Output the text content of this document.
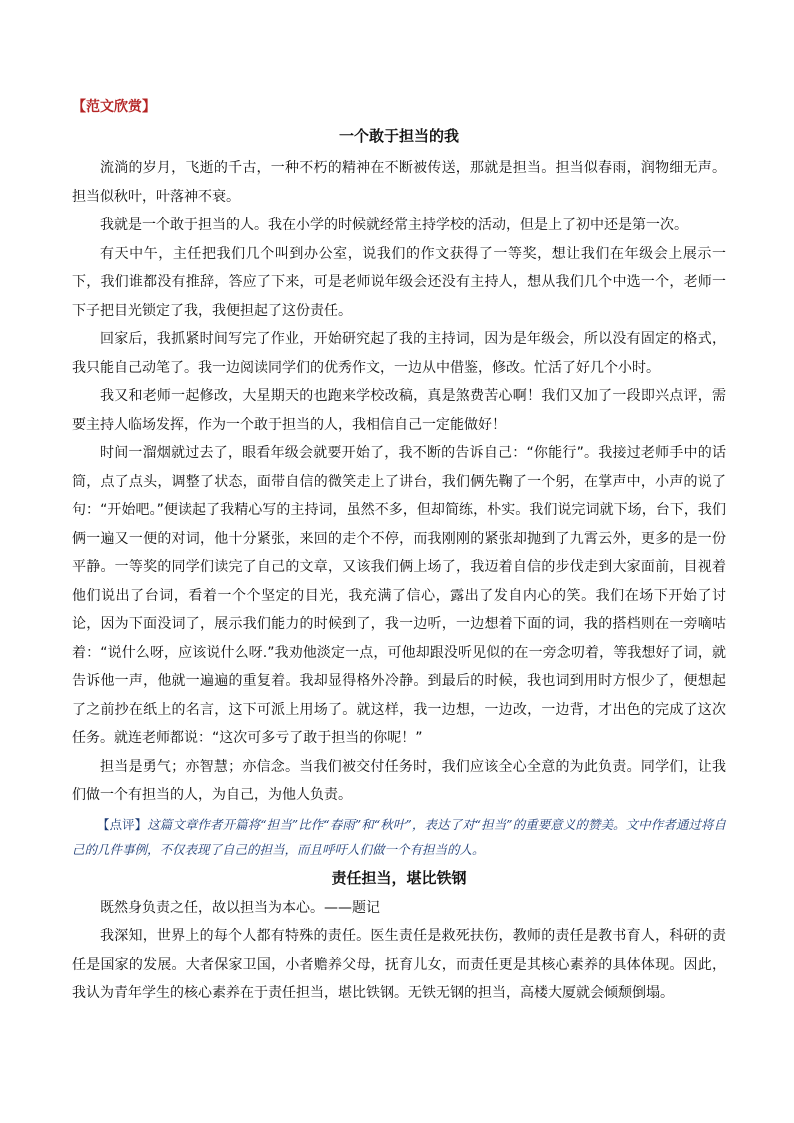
【范文欣赏】
一个敢于担当的我

流淌的岁月，飞逝的千古，一种不朽的精神在不断被传送，那就是担当。担当似春雨，润物细无声。担当似秋叶，叶落神不衰。

我就是一个敢于担当的人。我在小学的时候就经常主持学校的活动，但是上了初中还是第一次。

有天中午，主任把我们几个叫到办公室，说我们的作文获得了一等奖，想让我们在年级会上展示一下，我们谁都没有推辞，答应了下来，可是老师说年级会还没有主持人，想从我们几个中选一个，老师一下子把目光锁定了我，我便担起了这份责任。

回家后，我抓紧时间写完了作业，开始研究起了我的主持词，因为是年级会，所以没有固定的格式，我只能自己动笔了。我一边阅读同学们的优秀作文，一边从中借鉴，修改。忙活了好几个小时。

我又和老师一起修改，大星期天的也跑来学校改稿，真是煞费苦心啊！我们又加了一段即兴点评，需要主持人临场发挥，作为一个敢于担当的人，我相信自己一定能做好！

时间一溜烟就过去了，眼看年级会就要开始了，我不断的告诉自己：“你能行”。我接过老师手中的话筒，点了点头，调整了状态，面带自信的微笑走上了讲台，我们俩先鞠了一个躬，在掌声中，小声的说了句：“开始吧。”便读起了我精心写的主持词，虽然不多，但却简练，朴实。我们说完词就下场，台下，我们俩一遍又一便的对词，他十分紧张，来回的走个不停，而我刚刚的紧张却抛到了九霄云外，更多的是一份平静。一等奖的同学们读完了自己的文章，又该我们俩上场了，我迈着自信的步伐走到大家面前，目视着他们说出了台词，看着一个个坚定的目光，我充满了信心，露出了发自内心的笑。我们在场下开始了讨论，因为下面没词了，展示我们能力的时候到了，我一边听，一边想着下面的词，我的搭档则在一旁嘀咕着：“说什么呀，应该说什么呀.”我劝他淡定一点，可他却跟没听见似的在一旁念叨着，等我想好了词，就告诉他一声，他就一遍遍的重复着。我却显得格外冷静。到最后的时候，我也词到用时方恨少了，便想起了之前抄在纸上的名言，这下可派上用场了。就这样，我一边想，一边改，一边背，才出色的完成了这次任务。就连老师都说：“这次可多亏了敢于担当的你呢！”

担当是勇气；亦智慧；亦信念。当我们被交付任务时，我们应该全心全意的为此负责。同学们，让我们做一个有担当的人，为自己，为他人负责。

【点评】这篇文章作者开篇将“担当”比作“春雨”和“秋叶”，表达了对“担当”的重要意义的赞美。文中作者通过将自己的几件事例，不仅表现了自己的担当，而且呼吁人们做一个有担当的人。

责任担当，堪比铁钢

既然身负责之任，故以担当为本心。——题记

我深知，世界上的每个人都有特殊的责任。医生责任是救死扶伤，教师的责任是教书育人，科研的责任是国家的发展。大者保家卫国，小者赡养父母，抚育儿女，而责任更是其核心素养的具体体现。因此，我认为青年学生的核心素养在于责任担当，堪比铁钢。无铁无钢的担当，高楼大厦就会倾颓倒塌。
